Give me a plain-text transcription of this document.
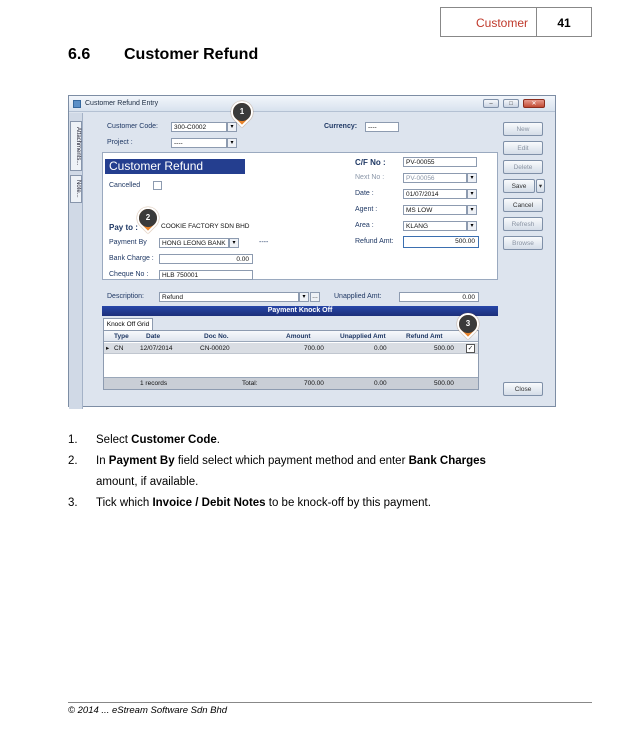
Customer	41
6.6 Customer Refund
Customer Refund Entry	–	□	✕
Attachments...
Note...
Customer Code:	300-C0002	▾
Project :	----	▾
Currency:	----
Customer Refund
Cancelled
C/F No :	PV-00055
Next No :	PV-00056	▾
Date :	01/07/2014	▾
Agent :	MS LOW	▾
Area :	KLANG	▾
Refund Amt:	500.00
Pay to :	COOKIE FACTORY SDN BHD
Payment By	HONG LEONG BANK	▾	----
Bank Charge :	0.00
Cheque No :	HLB 750001
Description:	Refund	▾	… Unapplied Amt:	0.00
Payment Knock Off
Knock Off Grid
Type	Date	Doc No.	Amount	Unapplied Amt	Refund Amt
▸ CN	12/07/2014	CN-00020	700.00	0.00	500.00 ✓
1 records	Total:	700.00	0.00	500.00
New
Edit
Delete
Save	▾
Cancel
Refresh
Browse
Close
1
2
3
1. Select Customer Code.
2. In Payment By field select which payment method and enter Bank Charges
amount, if available.
3. Tick which Invoice / Debit Notes to be knock-off by this payment.
© 2014 ... eStream Software Sdn Bhd
